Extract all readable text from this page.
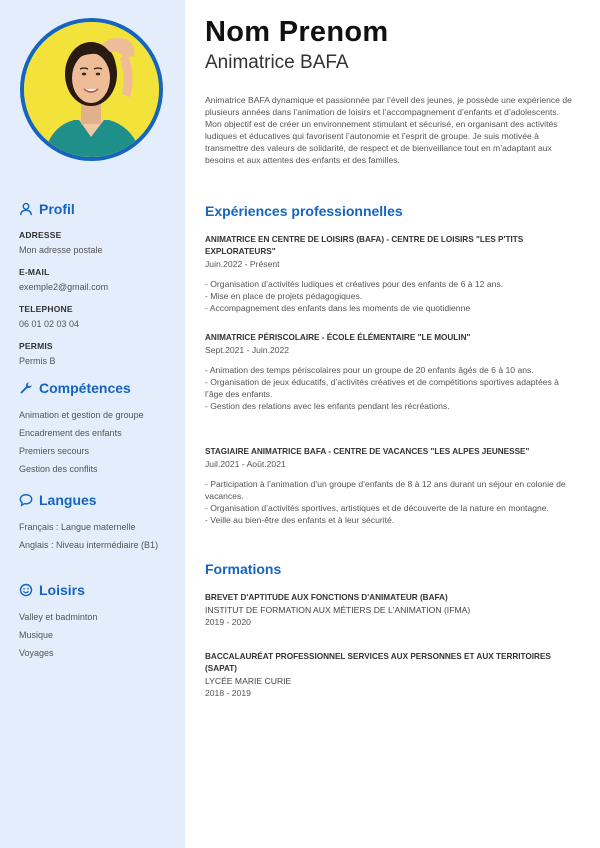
Profil
ADRESSE
Mon adresse postale
E-MAIL
exemple2@gmail.com
TELEPHONE
06 01 02 03 04
PERMIS
Permis B
Compétences
Animation et gestion de groupe
Encadrement des enfants
Premiers secours
Gestion des conflits
Langues
Français : Langue maternelle
Anglais : Niveau intermédiaire (B1)
Loisirs
Valley et badminton
Musique
Voyages
Nom Prenom
Animatrice BAFA

Animatrice BAFA dynamique et passionnée par l’éveil des jeunes, je possède une expérience de plusieurs années dans l’animation de loisirs et l’accompagnement d’enfants et d’adolescents. Mon objectif est de créer un environnement stimulant et sécurisé, en organisant des activités ludiques et éducatives qui favorisent l’autonomie et l’esprit de groupe. Je suis motivée à transmettre des valeurs de solidarité, de respect et de bienveillance tout en m’adaptant aux besoins et aux attentes des enfants et des familles.

Expériences professionnelles
ANIMATRICE EN CENTRE DE LOISIRS (BAFA) - CENTRE DE LOISIRS "LES P'TITS EXPLORATEURS"
Juin.2022 - Présent
- Organisation d’activités ludiques et créatives pour des enfants de 6 à 12 ans.
- Mise en place de projets pédagogiques.
- Accompagnement des enfants dans les moments de vie quotidienne
ANIMATRICE PÉRISCOLAIRE - ÉCOLE ÉLÉMENTAIRE "LE MOULIN"
Sept.2021 - Juin.2022
- Animation des temps périscolaires pour un groupe de 20 enfants âgés de 6 à 10 ans.
- Organisation de jeux éducatifs, d’activités créatives et de compétitions sportives adaptées à l’âge des enfants.
- Gestion des relations avec les enfants pendant les récréations.
STAGIAIRE ANIMATRICE BAFA - CENTRE DE VACANCES "LES ALPES JEUNESSE"
Juil.2021 - Août.2021
- Participation à l’animation d’un groupe d’enfants de 8 à 12 ans durant un séjour en colonie de vacances.
- Organisation d’activités sportives, artistiques et de découverte de la nature en montagne.
- Veille au bien-être des enfants et à leur sécurité.
Formations
BREVET D'APTITUDE AUX FONCTIONS D'ANIMATEUR (BAFA)
INSTITUT DE FORMATION AUX MÉTIERS DE L'ANIMATION (IFMA)
2019 - 2020
BACCALAURÉAT PROFESSIONNEL SERVICES AUX PERSONNES ET AUX TERRITOIRES (SAPAT)
LYCÉE MARIE CURIE
2018 - 2019
